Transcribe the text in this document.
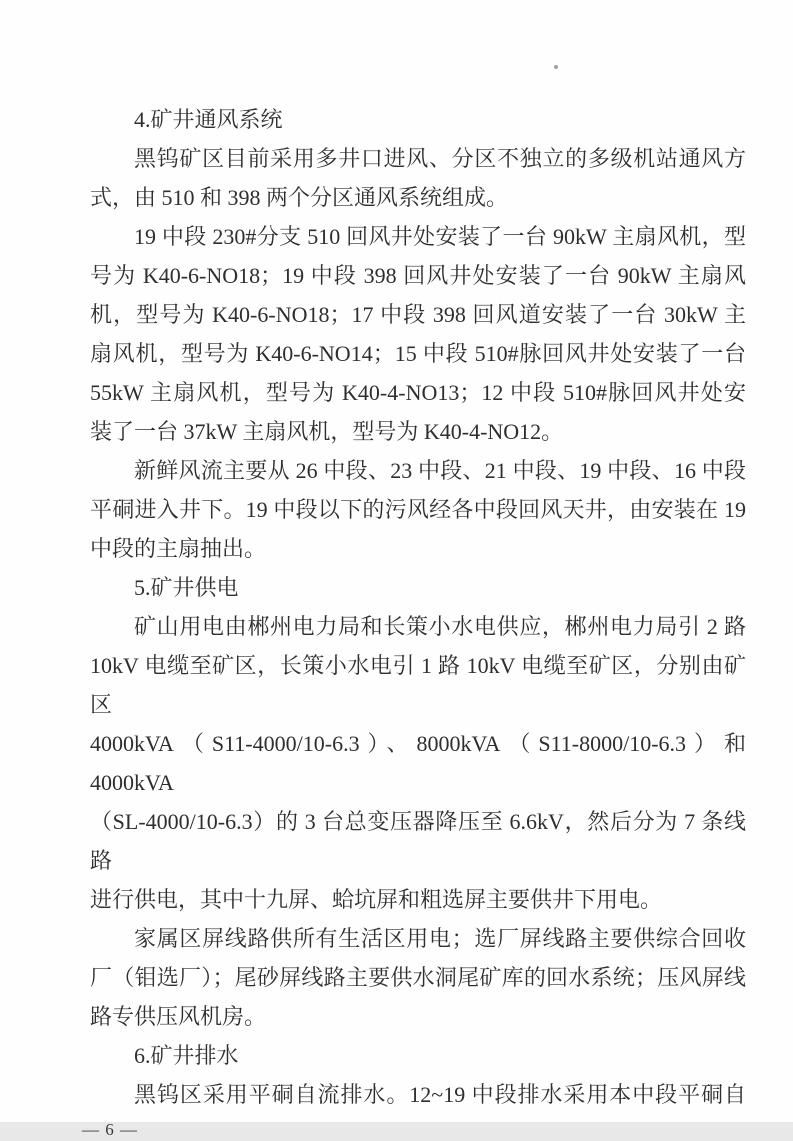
4.矿井通风系统
黑钨矿区目前采用多井口进风、分区不独立的多级机站通风方
式，由 510 和 398 两个分区通风系统组成。
19 中段 230#分支 510 回风井处安装了一台 90kW 主扇风机，型
号为 K40-6-NO18；19 中段 398 回风井处安装了一台 90kW 主扇风
机，型号为 K40-6-NO18；17 中段 398 回风道安装了一台 30kW 主
扇风机，型号为 K40-6-NO14；15 中段 510#脉回风井处安装了一台
55kW 主扇风机，型号为 K40-4-NO13；12 中段 510#脉回风井处安
装了一台 37kW 主扇风机，型号为 K40-4-NO12。
新鲜风流主要从 26 中段、23 中段、21 中段、19 中段、16 中段
平硐进入井下。19 中段以下的污风经各中段回风天井，由安装在 19
中段的主扇抽出。
5.矿井供电
矿山用电由郴州电力局和长策小水电供应，郴州电力局引 2 路
10kV 电缆至矿区，长策小水电引 1 路 10kV 电缆至矿区，分别由矿区
4000kVA（S11-4000/10-6.3）、8000kVA（S11-8000/10-6.3）和 4000kVA
（SL-4000/10-6.3）的 3 台总变压器降压至 6.6kV，然后分为 7 条线路
进行供电，其中十九屏、蛤坑屏和粗选屏主要供井下用电。
家属区屏线路供所有生活区用电；选厂屏线路主要供综合回收
厂（钼选厂）；尾砂屏线路主要供水洞尾矿库的回水系统；压风屏线
路专供压风机房。
6.矿井排水
黑钨区采用平硐自流排水。12~19 中段排水采用本中段平硐自
— 6 —
